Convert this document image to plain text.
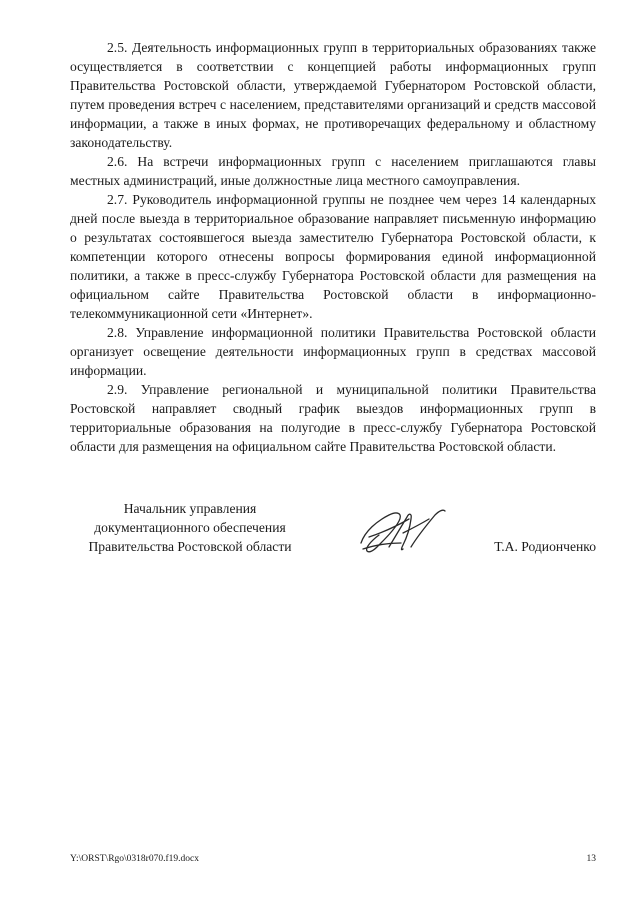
2.5. Деятельность информационных групп в территориальных образованиях также осуществляется в соответствии с концепцией работы информационных групп Правительства Ростовской области, утверждаемой Губернатором Ростовской области, путем проведения встреч с населением, представителями организаций и средств массовой информации, а также в иных формах, не противоречащих федеральному и областному законодательству.

2.6. На встречи информационных групп с населением приглашаются главы местных администраций, иные должностные лица местного самоуправления.

2.7. Руководитель информационной группы не позднее чем через 14 календарных дней после выезда в территориальное образование направляет письменную информацию о результатах состоявшегося выезда заместителю Губернатора Ростовской области, к компетенции которого отнесены вопросы формирования единой информационной политики, а также в пресс-службу Губернатора Ростовской области для размещения на официальном сайте Правительства Ростовской области в информационно-телекоммуникационной сети «Интернет».

2.8. Управление информационной политики Правительства Ростовской области организует освещение деятельности информационных групп в средствах массовой информации.

2.9. Управление региональной и муниципальной политики Правительства Ростовской направляет сводный график выездов информационных групп в территориальные образования на полугодие в пресс-службу Губернатора Ростовской области для размещения на официальном сайте Правительства Ростовской области.

Начальник управления
документационного обеспечения
Правительства Ростовской области	Т.А. Родионченко
Y:\ORST\Rgo\0318r070.f19.docx	13
